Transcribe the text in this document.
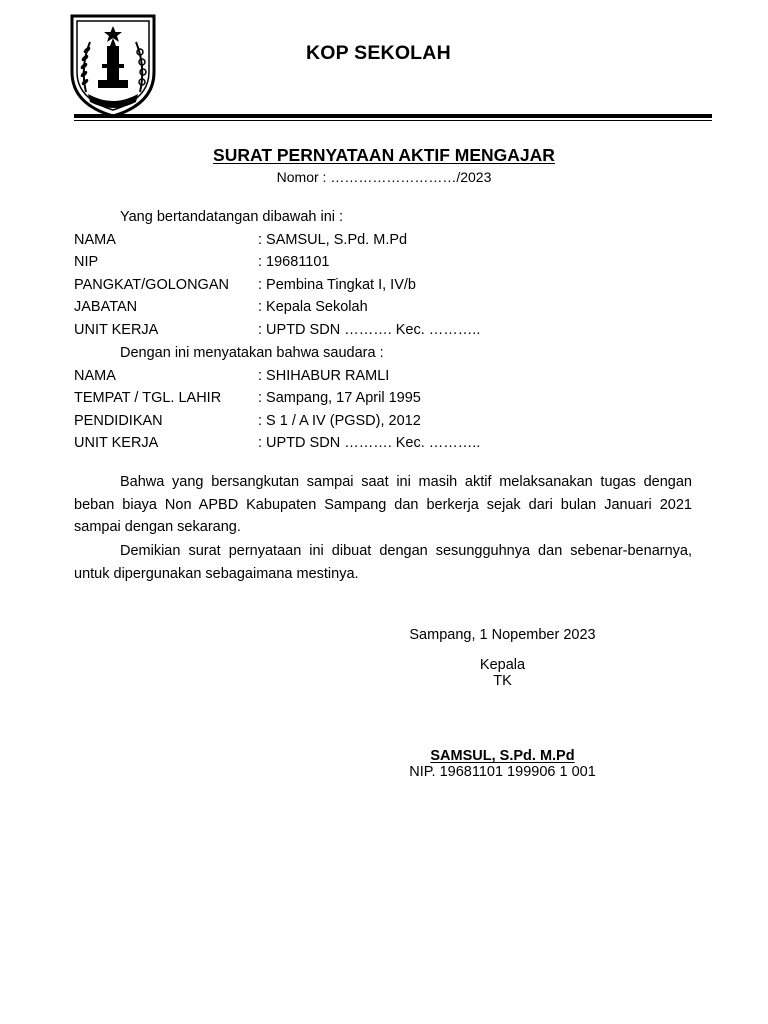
KOP SEKOLAH
SURAT PERNYATAAN AKTIF MENGAJAR
Nomor : ………………………/2023
Yang bertandatangan dibawah ini :
NAMA	: SAMSUL, S.Pd. M.Pd
NIP	: 19681101
PANGKAT/GOLONGAN : Pembina Tingkat I, IV/b
JABATAN	: Kepala Sekolah
UNIT KERJA	: UPTD SDN ………. Kec. ………..
Dengan ini menyatakan bahwa saudara :
NAMA	: SHIHABUR RAMLI
TEMPAT / TGL. LAHIR	: Sampang, 17 April 1995
PENDIDIKAN	: S 1 / A IV (PGSD), 2012
UNIT KERJA	: UPTD SDN ………. Kec. ………..
Bahwa yang bersangkutan sampai saat ini masih aktif melaksanakan tugas dengan beban biaya Non APBD Kabupaten Sampang dan berkerja sejak dari bulan Januari 2021 sampai dengan sekarang.
Demikian surat pernyataan ini dibuat dengan sesungguhnya dan sebenar-benarnya, untuk dipergunakan sebagaimana mestinya.
Sampang, 1 Nopember 2023
Kepala
TK
SAMSUL, S.Pd. M.Pd
NIP. 19681101 199906 1 001
